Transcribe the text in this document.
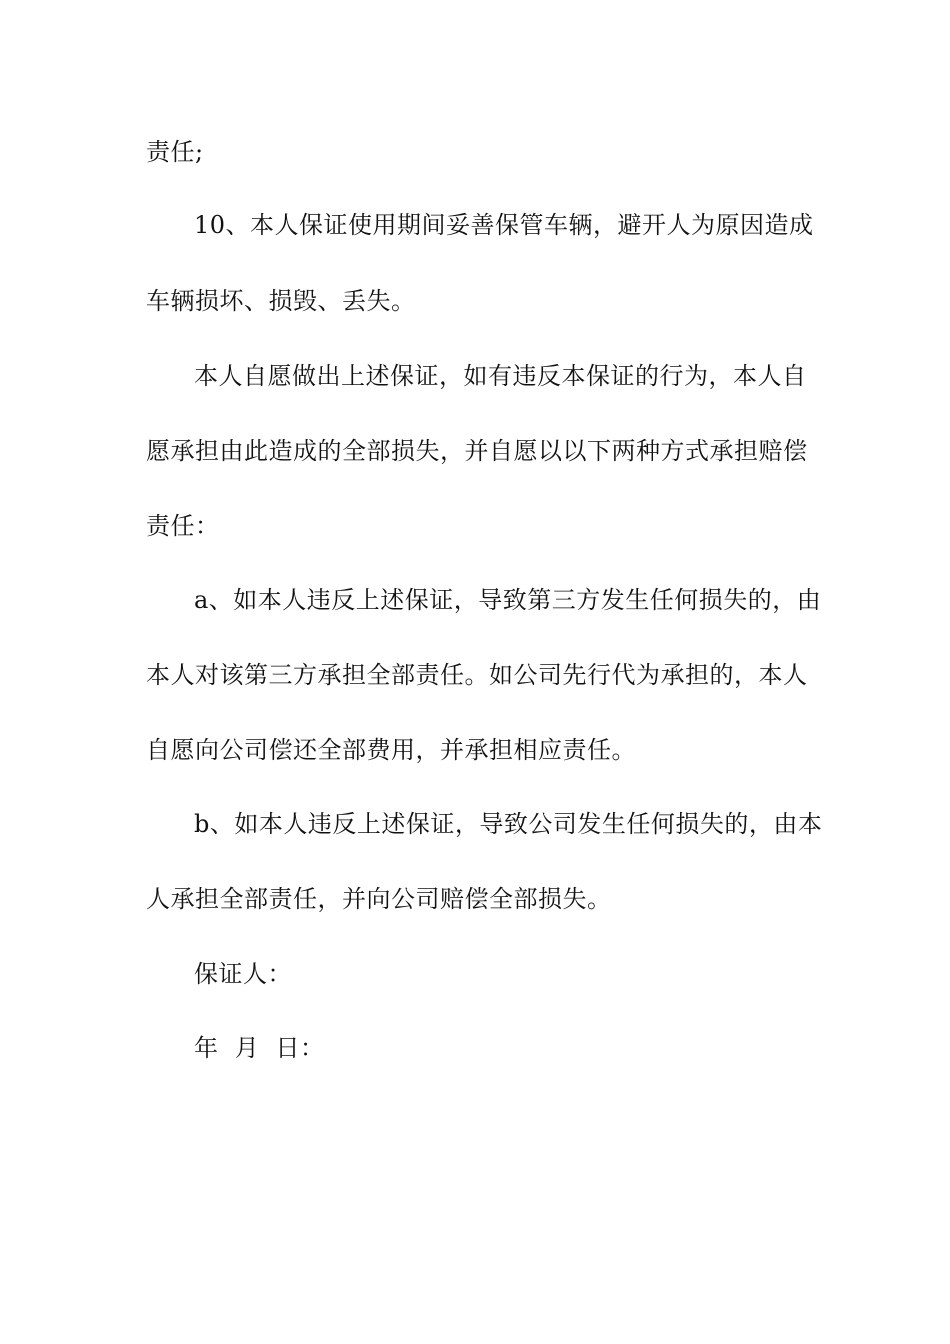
责任;
10、本人保证使用期间妥善保管车辆，避开人为原因造成
车辆损坏、损毁、丢失。
本人自愿做出上述保证，如有违反本保证的行为，本人自
愿承担由此造成的全部损失，并自愿以以下两种方式承担赔偿
责任：
a、如本人违反上述保证，导致第三方发生任何损失的，由
本人对该第三方承担全部责任。如公司先行代为承担的，本人
自愿向公司偿还全部费用，并承担相应责任。
b、如本人违反上述保证，导致公司发生任何损失的，由本
人承担全部责任，并向公司赔偿全部损失。
保证人：
年  月  日：
